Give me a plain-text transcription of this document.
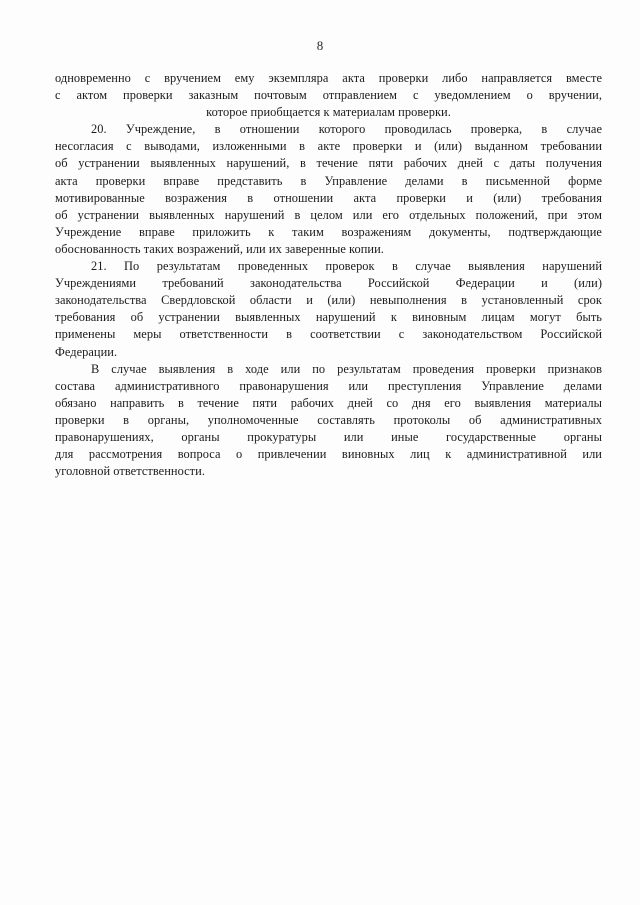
8
одновременно с вручением ему экземпляра акта проверки либо направляется вместе
с актом проверки заказным почтовым отправлением с уведомлением о вручении,
которое приобщается к материалам проверки.
20. Учреждение, в отношении которого проводилась проверка, в случае
несогласия с выводами, изложенными в акте проверки и (или) выданном требовании
об устранении выявленных нарушений, в течение пяти рабочих дней с даты получения
акта проверки вправе представить в Управление делами в письменной форме
мотивированные возражения в отношении акта проверки и (или) требования
об устранении выявленных нарушений в целом или его отдельных положений, при этом
Учреждение вправе приложить к таким возражениям документы, подтверждающие
обоснованность таких возражений, или их заверенные копии.
21. По результатам проведенных проверок в случае выявления нарушений
Учреждениями требований законодательства Российской Федерации и (или)
законодательства Свердловской области и (или) невыполнения в установленный срок
требования об устранении выявленных нарушений к виновным лицам могут быть
применены меры ответственности в соответствии с законодательством Российской
Федерации.
В случае выявления в ходе или по результатам проведения проверки признаков
состава административного правонарушения или преступления Управление делами
обязано направить в течение пяти рабочих дней со дня его выявления материалы
проверки в органы, уполномоченные составлять протоколы об административных
правонарушениях, органы прокуратуры или иные государственные органы
для рассмотрения вопроса о привлечении виновных лиц к административной или
уголовной ответственности.
